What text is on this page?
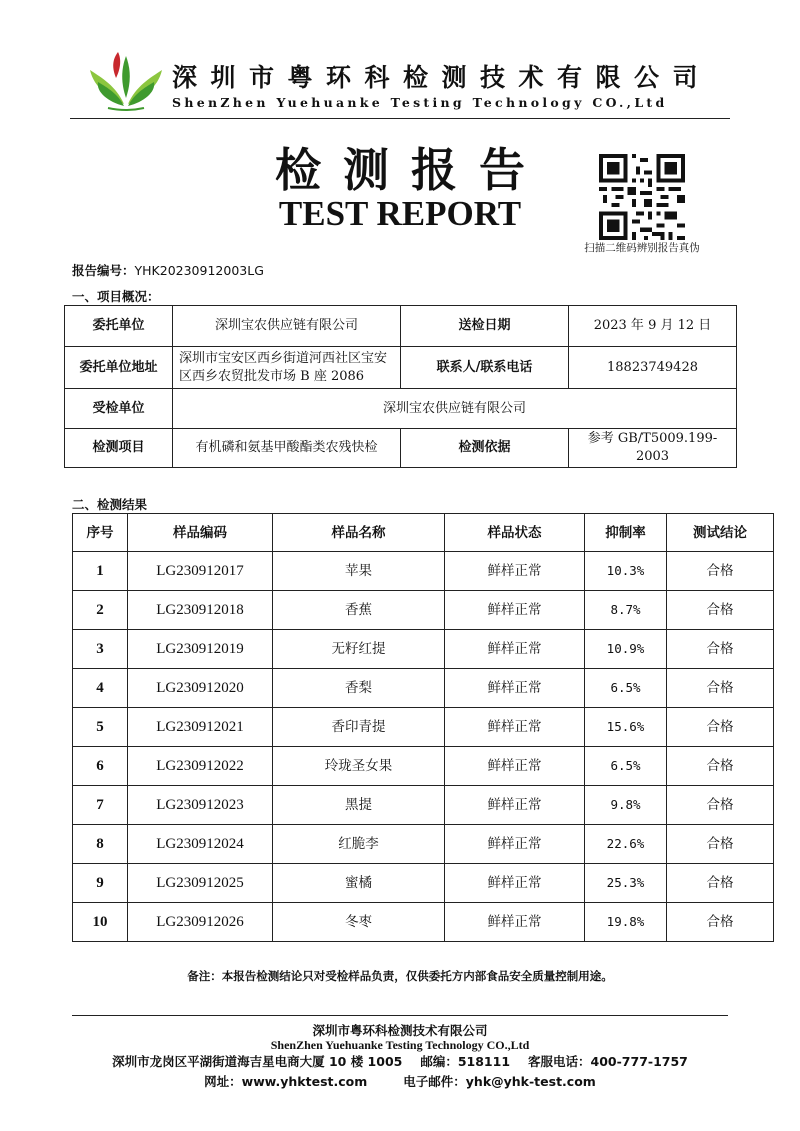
深圳市粤环科检测技术有限公司
ShenZhen Yuehuanke Testing Technology CO.,Ltd
检测报告
TEST REPORT
扫描二维码辨别报告真伪
报告编号：YHK20230912003LG
一、项目概况：
委托单位	深圳宝农供应链有限公司	送检日期	2023 年 9 月 12 日
委托单位地址	深圳市宝安区西乡街道河西社区宝安区西乡农贸批发市场 B 座 2086	联系人/联系电话	18823749428
受检单位	深圳宝农供应链有限公司		
检测项目	有机磷和氨基甲酸酯类农残快检	检测依据	参考 GB/T5009.199-2003
二、检测结果
序号	样品编码	样品名称	样品状态	抑制率	测试结论
1	LG230912017	苹果	鲜样正常	10.3%	合格
2	LG230912018	香蕉	鲜样正常	8.7%	合格
3	LG230912019	无籽红提	鲜样正常	10.9%	合格
4	LG230912020	香梨	鲜样正常	6.5%	合格
5	LG230912021	香印青提	鲜样正常	15.6%	合格
6	LG230912022	玲珑圣女果	鲜样正常	6.5%	合格
7	LG230912023	黑提	鲜样正常	9.8%	合格
8	LG230912024	红脆李	鲜样正常	22.6%	合格
9	LG230912025	蜜橘	鲜样正常	25.3%	合格
10	LG230912026	冬枣	鲜样正常	19.8%	合格
备注：本报告检测结论只对受检样品负责，仅供委托方内部食品安全质量控制用途。
深圳市粤环科检测技术有限公司
ShenZhen Yuehuanke Testing Technology CO.,Ltd
深圳市龙岗区平湖街道海吉星电商大厦 10 楼 1005 邮编：518111 客服电话：400-777-1757
网址：www.yhktest.com	电子邮件：yhk@yhk-test.com
